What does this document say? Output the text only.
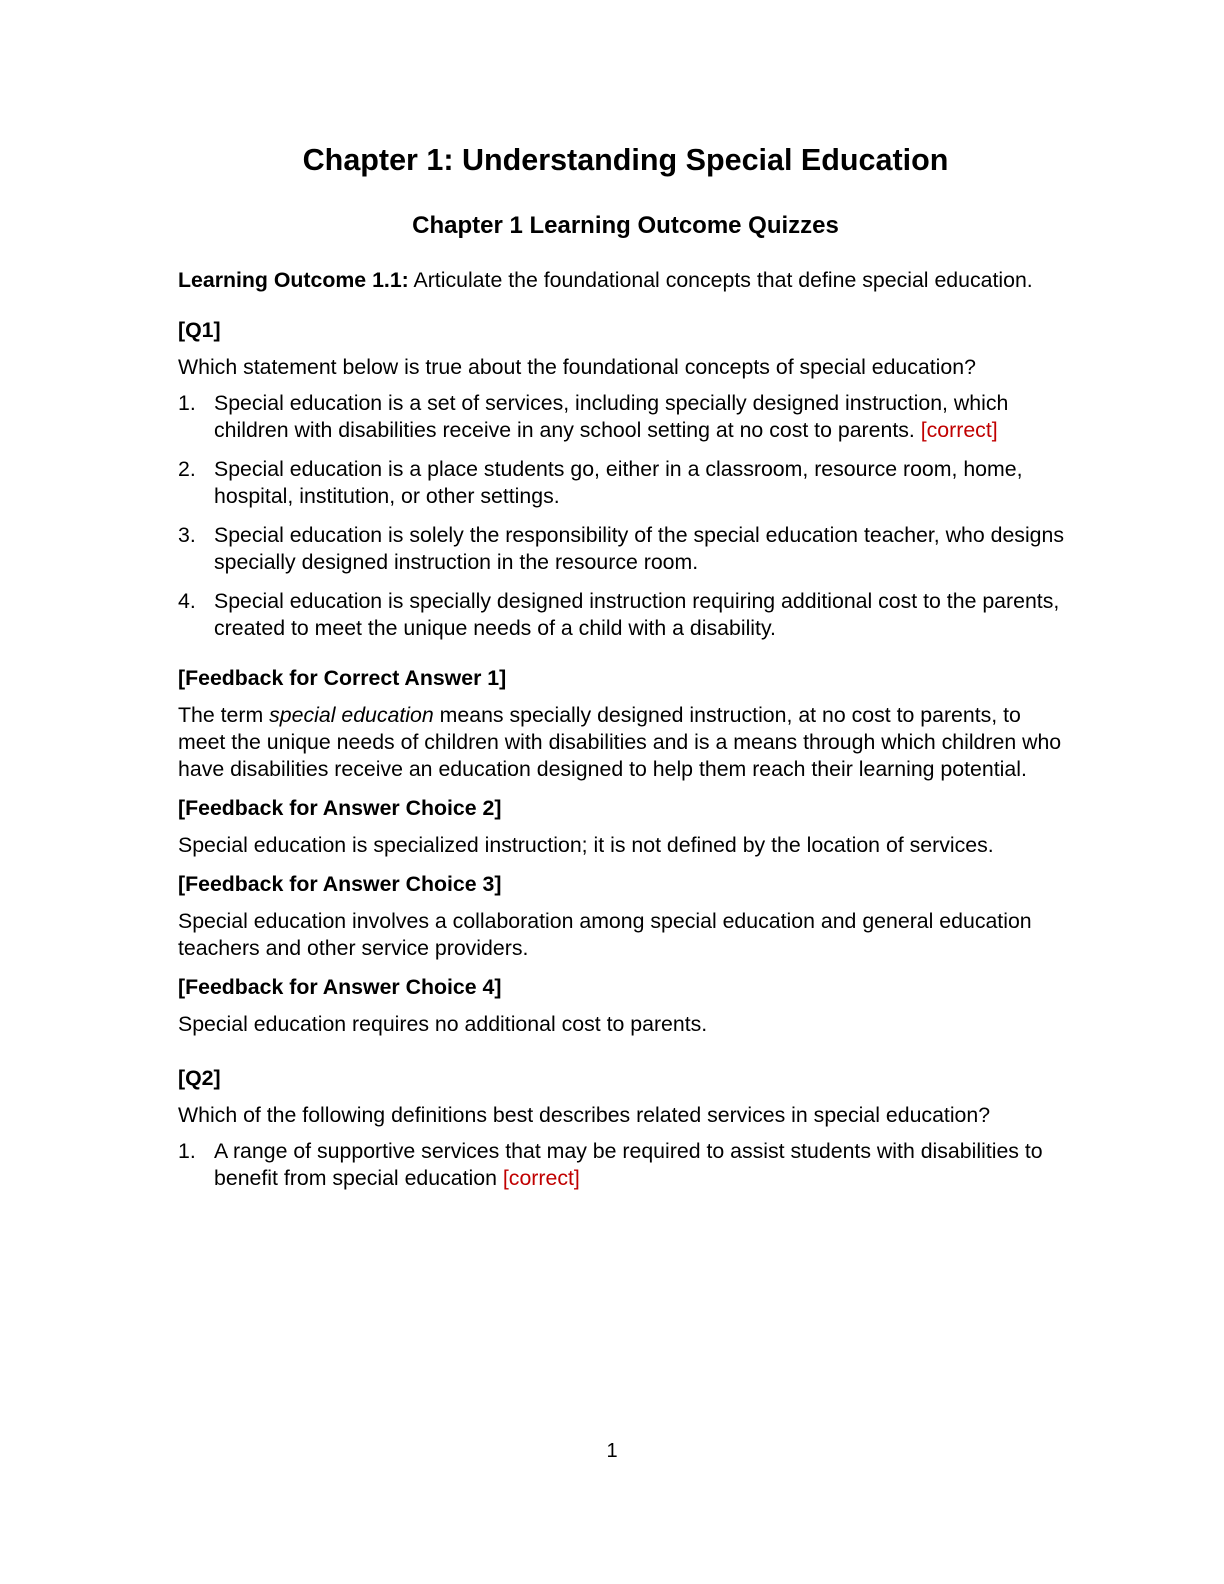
Chapter 1: Understanding Special Education
Chapter 1 Learning Outcome Quizzes

Learning Outcome 1.1: Articulate the foundational concepts that define special education.

[Q1]
Which statement below is true about the foundational concepts of special education?
1. Special education is a set of services, including specially designed instruction, which children with disabilities receive in any school setting at no cost to parents. [correct]
2. Special education is a place students go, either in a classroom, resource room, home, hospital, institution, or other settings.
3. Special education is solely the responsibility of the special education teacher, who designs specially designed instruction in the resource room.
4. Special education is specially designed instruction requiring additional cost to the parents, created to meet the unique needs of a child with a disability.
[Feedback for Correct Answer 1]
The term special education means specially designed instruction, at no cost to parents, to meet the unique needs of children with disabilities and is a means through which children who have disabilities receive an education designed to help them reach their learning potential.
[Feedback for Answer Choice 2]
Special education is specialized instruction; it is not defined by the location of services.
[Feedback for Answer Choice 3]
Special education involves a collaboration among special education and general education teachers and other service providers.
[Feedback for Answer Choice 4]
Special education requires no additional cost to parents.
[Q2]
Which of the following definitions best describes related services in special education?
1. A range of supportive services that may be required to assist students with disabilities to benefit from special education [correct]
1
